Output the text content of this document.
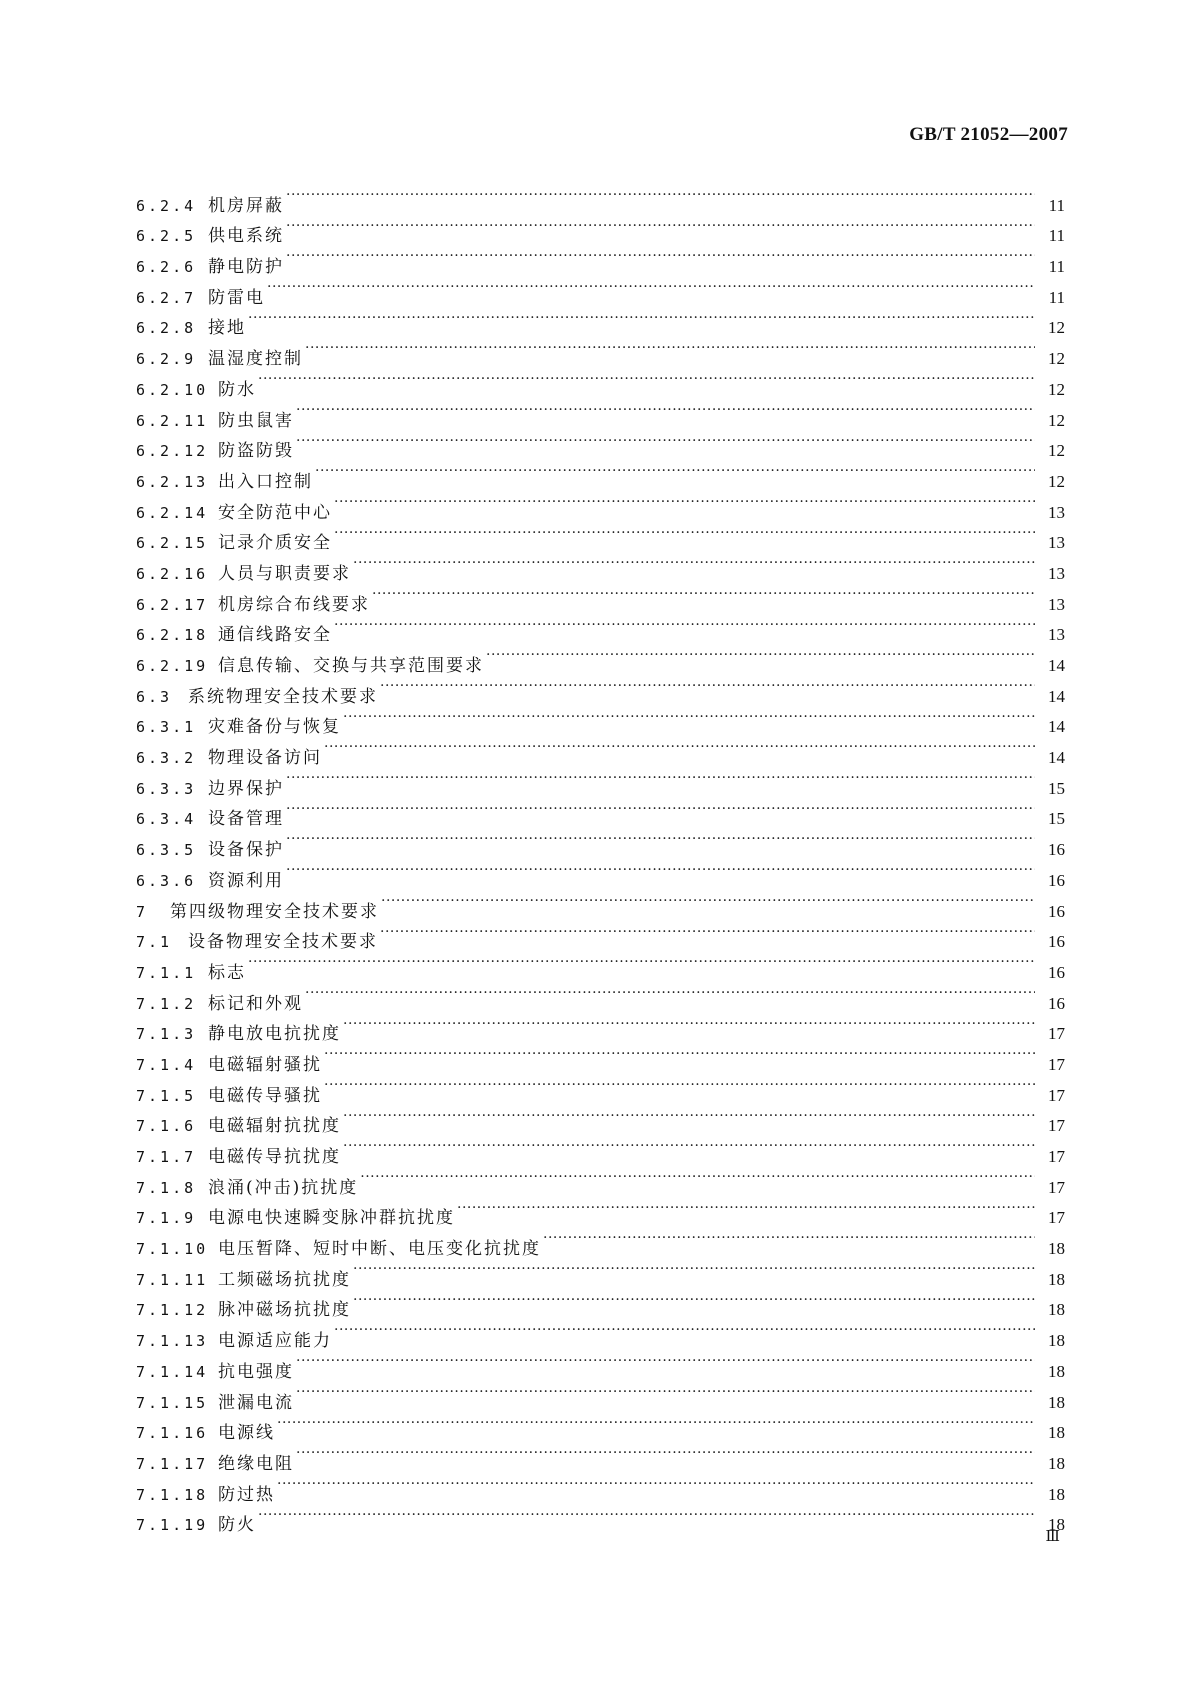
GB/T 21052—2007
6.2.4 机房屏蔽 ·····	11
6.2.5 供电系统 ·····	11
6.2.6 静电防护 ·····	11
6.2.7 防雷电 ·····	11
6.2.8 接地 ·····	12
6.2.9 温湿度控制 ·····	12
6.2.10 防水 ·····	12
6.2.11 防虫鼠害 ·····	12
6.2.12 防盗防毁 ·····	12
6.2.13 出入口控制 ·····	12
6.2.14 安全防范中心 ·····	13
6.2.15 记录介质安全 ·····	13
6.2.16 人员与职责要求 ·····	13
6.2.17 机房综合布线要求 ·····	13
6.2.18 通信线路安全 ·····	13
6.2.19 信息传输、交换与共享范围要求 ·····	14
6.3 系统物理安全技术要求 ·····	14
6.3.1 灾难备份与恢复 ·····	14
6.3.2 物理设备访问 ·····	14
6.3.3 边界保护 ·····	15
6.3.4 设备管理 ·····	15
6.3.5 设备保护 ·····	16
6.3.6 资源利用 ·····	16
7	第四级物理安全技术要求 ·····	16
7.1 设备物理安全技术要求 ·····	16
7.1.1 标志 ·····	16
7.1.2 标记和外观 ·····	16
7.1.3 静电放电抗扰度 ·····	17
7.1.4 电磁辐射骚扰 ·····	17
7.1.5 电磁传导骚扰 ·····	17
7.1.6 电磁辐射抗扰度 ·····	17
7.1.7 电磁传导抗扰度 ·····	17
7.1.8 浪涌(冲击)抗扰度 ·····	17
7.1.9 电源电快速瞬变脉冲群抗扰度 ·····	17
7.1.10 电压暂降、短时中断、电压变化抗扰度 ·····	18
7.1.11 工频磁场抗扰度 ·····	18
7.1.12 脉冲磁场抗扰度 ·····	18
7.1.13 电源适应能力 ·····	18
7.1.14 抗电强度 ·····	18
7.1.15 泄漏电流 ·····	18
7.1.16 电源线 ·····	18
7.1.17 绝缘电阻 ·····	18
7.1.18 防过热 ·····	18
7.1.19 防火 ·····	18
Ⅲ
